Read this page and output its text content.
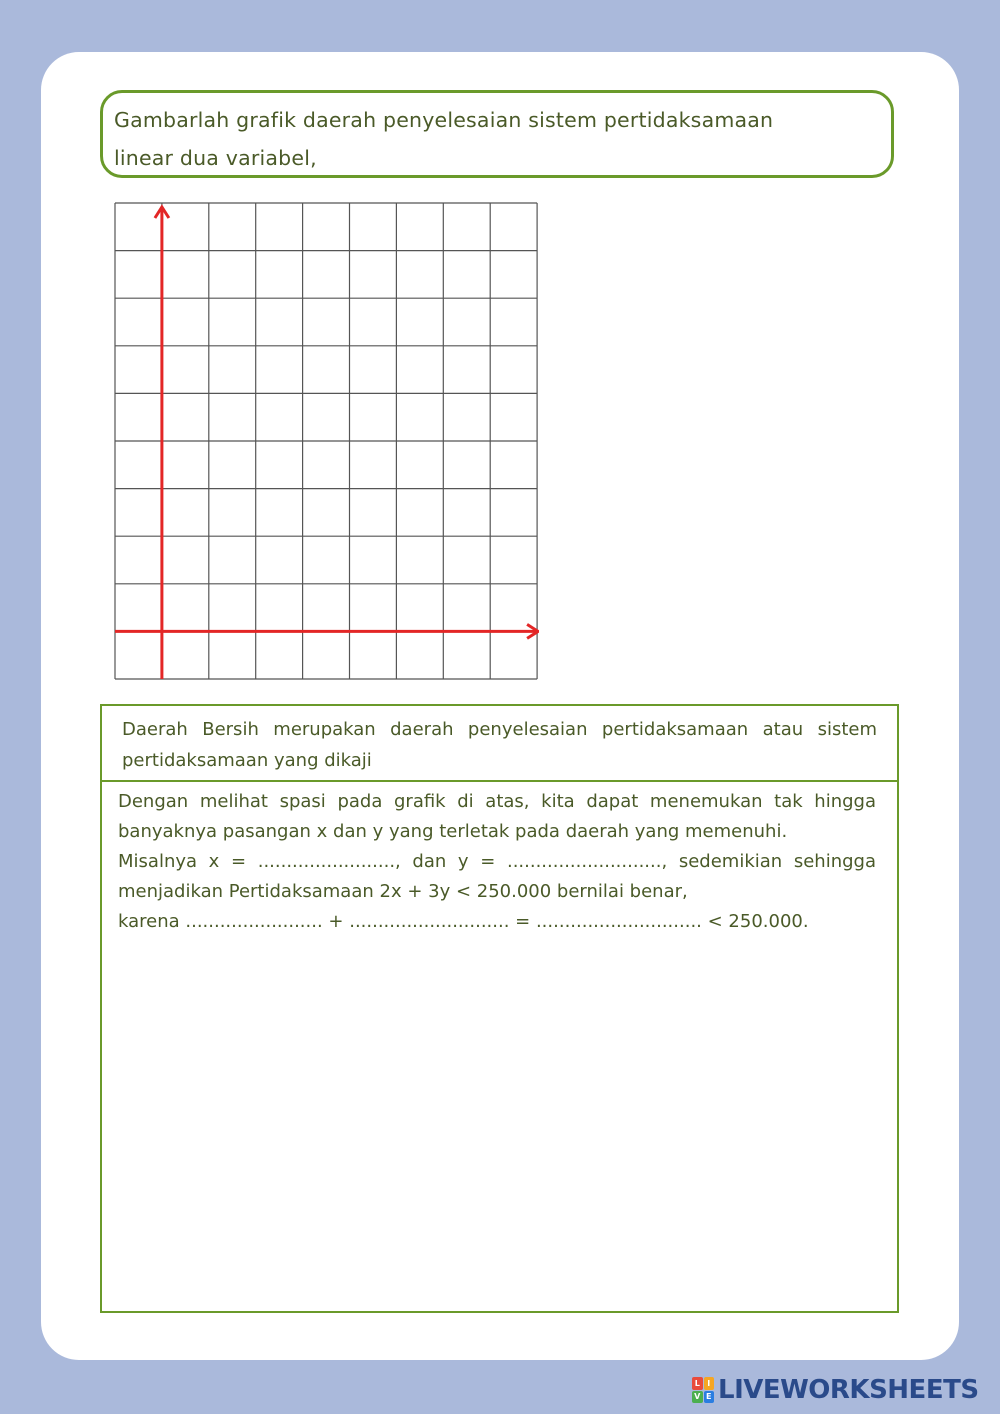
Gambarlah grafik daerah penyelesaian sistem pertidaksamaan
linear dua variabel,
Daerah Bersih merupakan daerah penyelesaian pertidaksamaan atau sistem pertidaksamaan yang dikaji
Dengan melihat spasi pada grafik di atas, kita dapat menemukan tak hingga banyaknya pasangan x dan y yang terletak pada daerah yang memenuhi.
Misalnya x = ........................, dan y = ..........................., sedemikian sehingga menjadikan Pertidaksamaan 2x + 3y < 250.000 bernilai benar,
karena ........................ + ............................ = ............................. < 250.000.
L I
V E LIVEWORKSHEETS
